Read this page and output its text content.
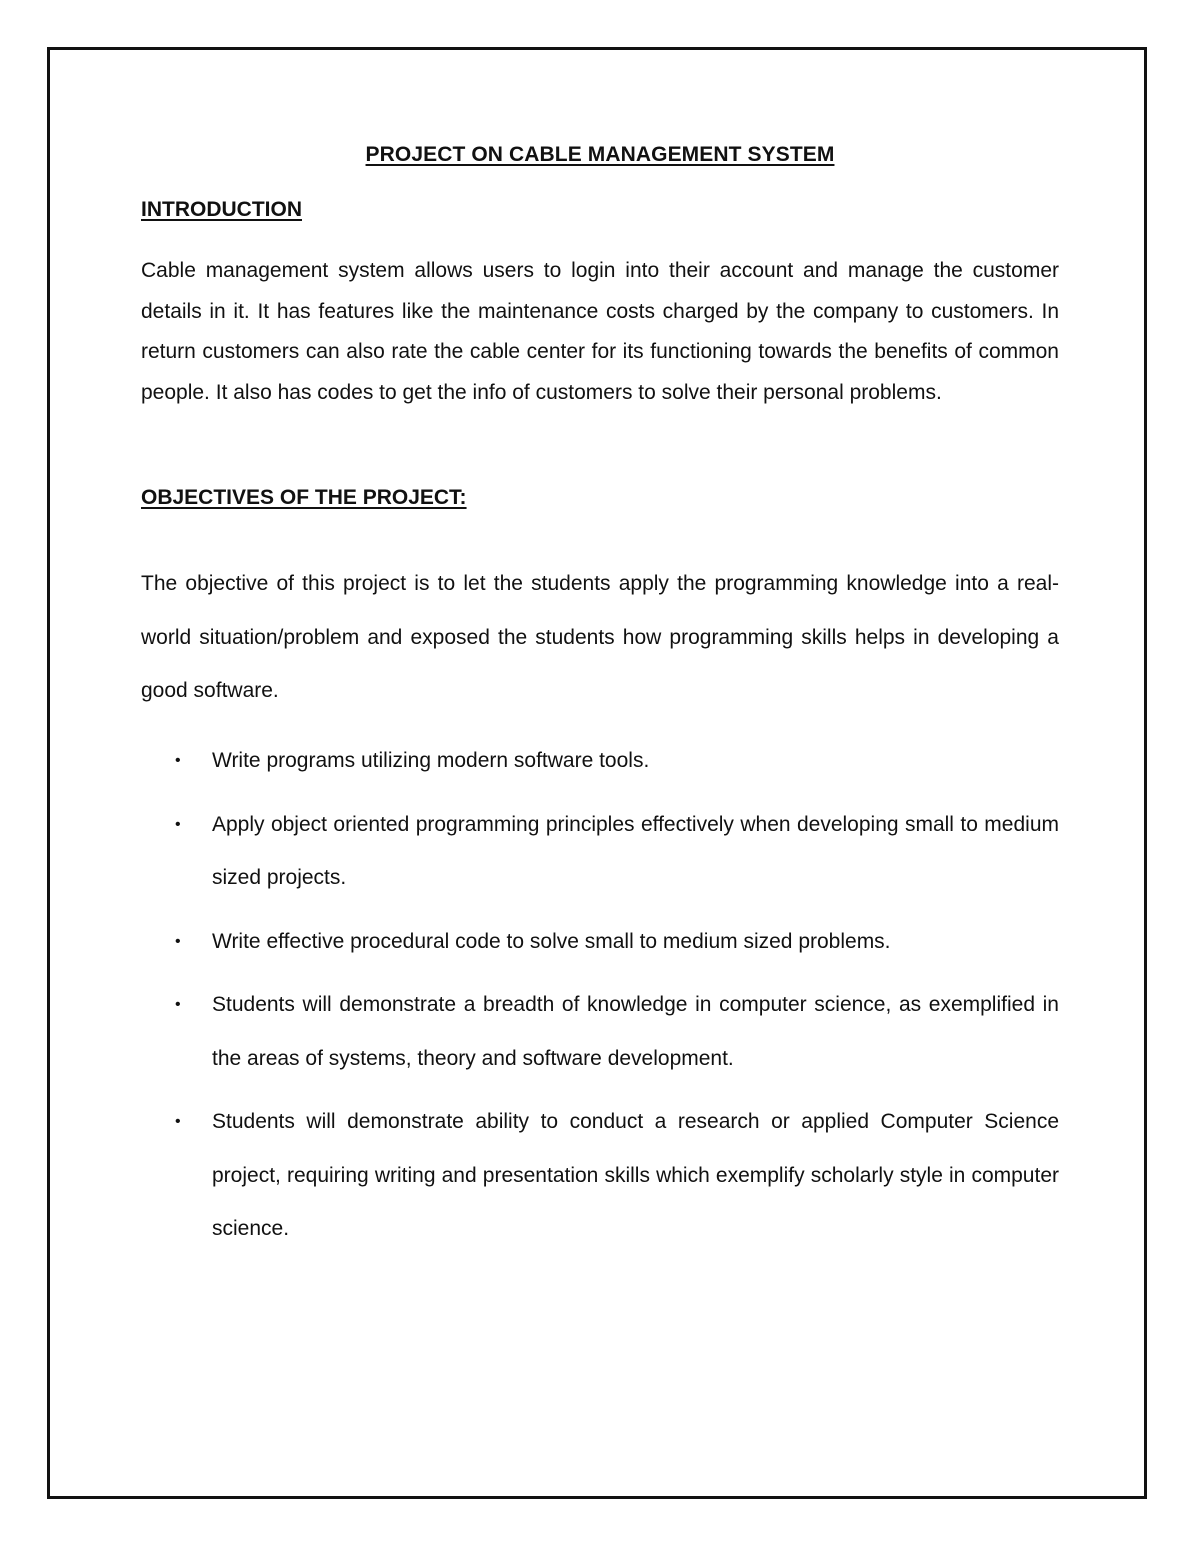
PROJECT ON CABLE MANAGEMENT SYSTEM
INTRODUCTION

Cable management system allows users to login into their account and manage the customer details in it. It has features like the maintenance costs charged by the company to customers. In return customers can also rate the cable center for its functioning towards the benefits of common people. It also has codes to get the info of customers to solve their personal problems.

OBJECTIVES OF THE PROJECT:

The objective of this project is to let the students apply the programming knowledge into a real- world situation/problem and exposed the students how programming skills helps in developing a good software.

• Write programs utilizing modern software tools.
• Apply object oriented programming principles effectively when developing small to medium sized projects.
• Write effective procedural code to solve small to medium sized problems.
• Students will demonstrate a breadth of knowledge in computer science, as exemplified in the areas of systems, theory and software development.
• Students will demonstrate ability to conduct a research or applied Computer Science project, requiring writing and presentation skills which exemplify scholarly style in computer science.
